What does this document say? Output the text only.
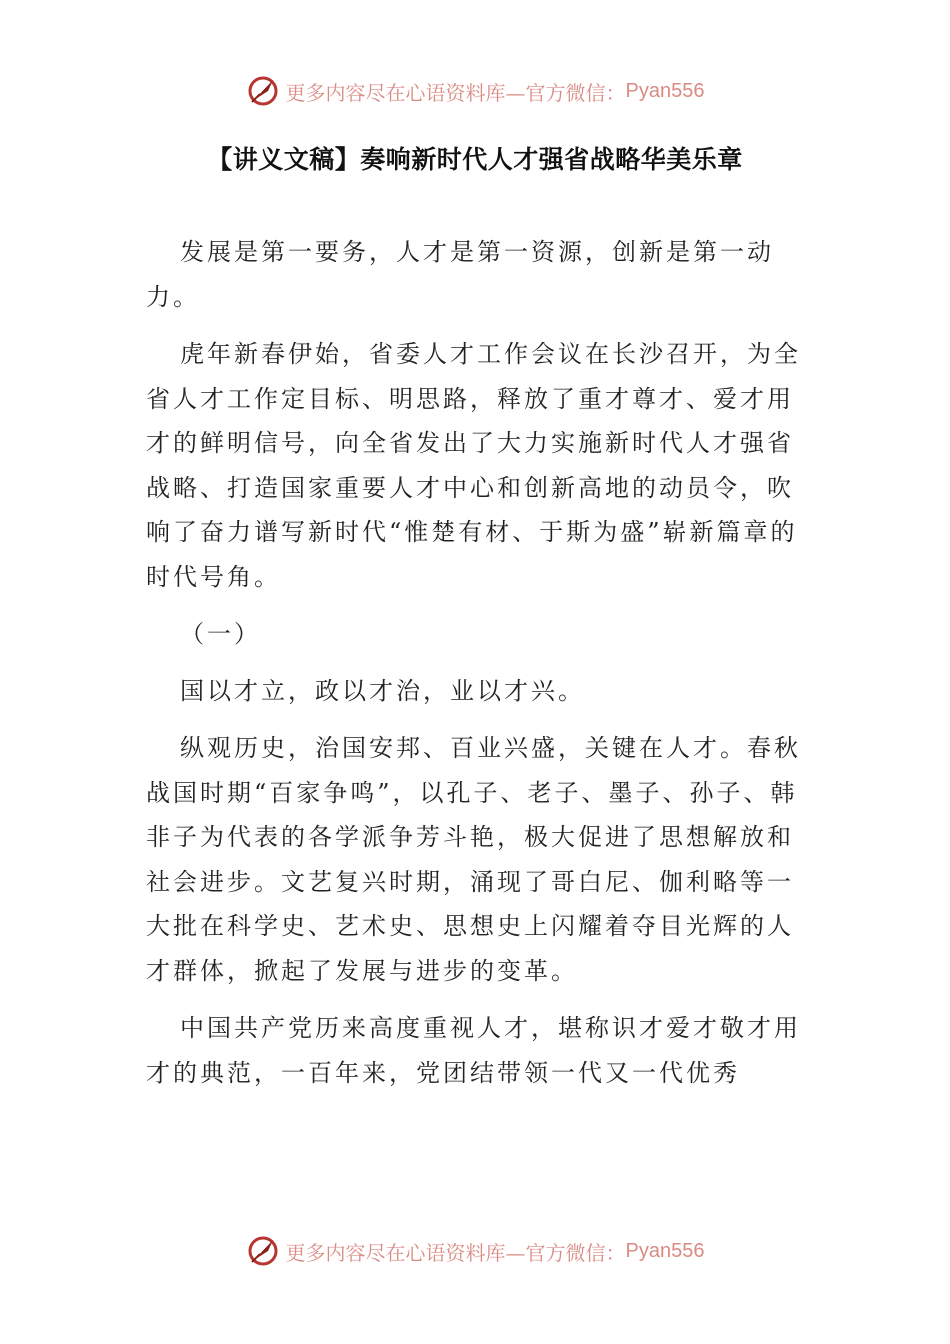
更多内容尽在心语资料库—官方微信： Pyan556
【讲义文稿】奏响新时代人才强省战略华美乐章

发展是第一要务，人才是第一资源，创新是第一动力。

虎年新春伊始，省委人才工作会议在长沙召开，为全省人才工作定目标、明思路，释放了重才尊才、爱才用才的鲜明信号，向全省发出了大力实施新时代人才强省战略、打造国家重要人才中心和创新高地的动员令，吹响了奋力谱写新时代“惟楚有材、于斯为盛”崭新篇章的时代号角。

（一）

国以才立，政以才治，业以才兴。

纵观历史，治国安邦、百业兴盛，关键在人才。春秋战国时期“百家争鸣”，以孔子、老子、墨子、孙子、韩非子为代表的各学派争芳斗艳，极大促进了思想解放和社会进步。文艺复兴时期，涌现了哥白尼、伽利略等一大批在科学史、艺术史、思想史上闪耀着夺目光辉的人才群体，掀起了发展与进步的变革。

中国共产党历来高度重视人才，堪称识才爱才敬才用才的典范，一百年来，党团结带领一代又一代优秀

更多内容尽在心语资料库—官方微信： Pyan556
